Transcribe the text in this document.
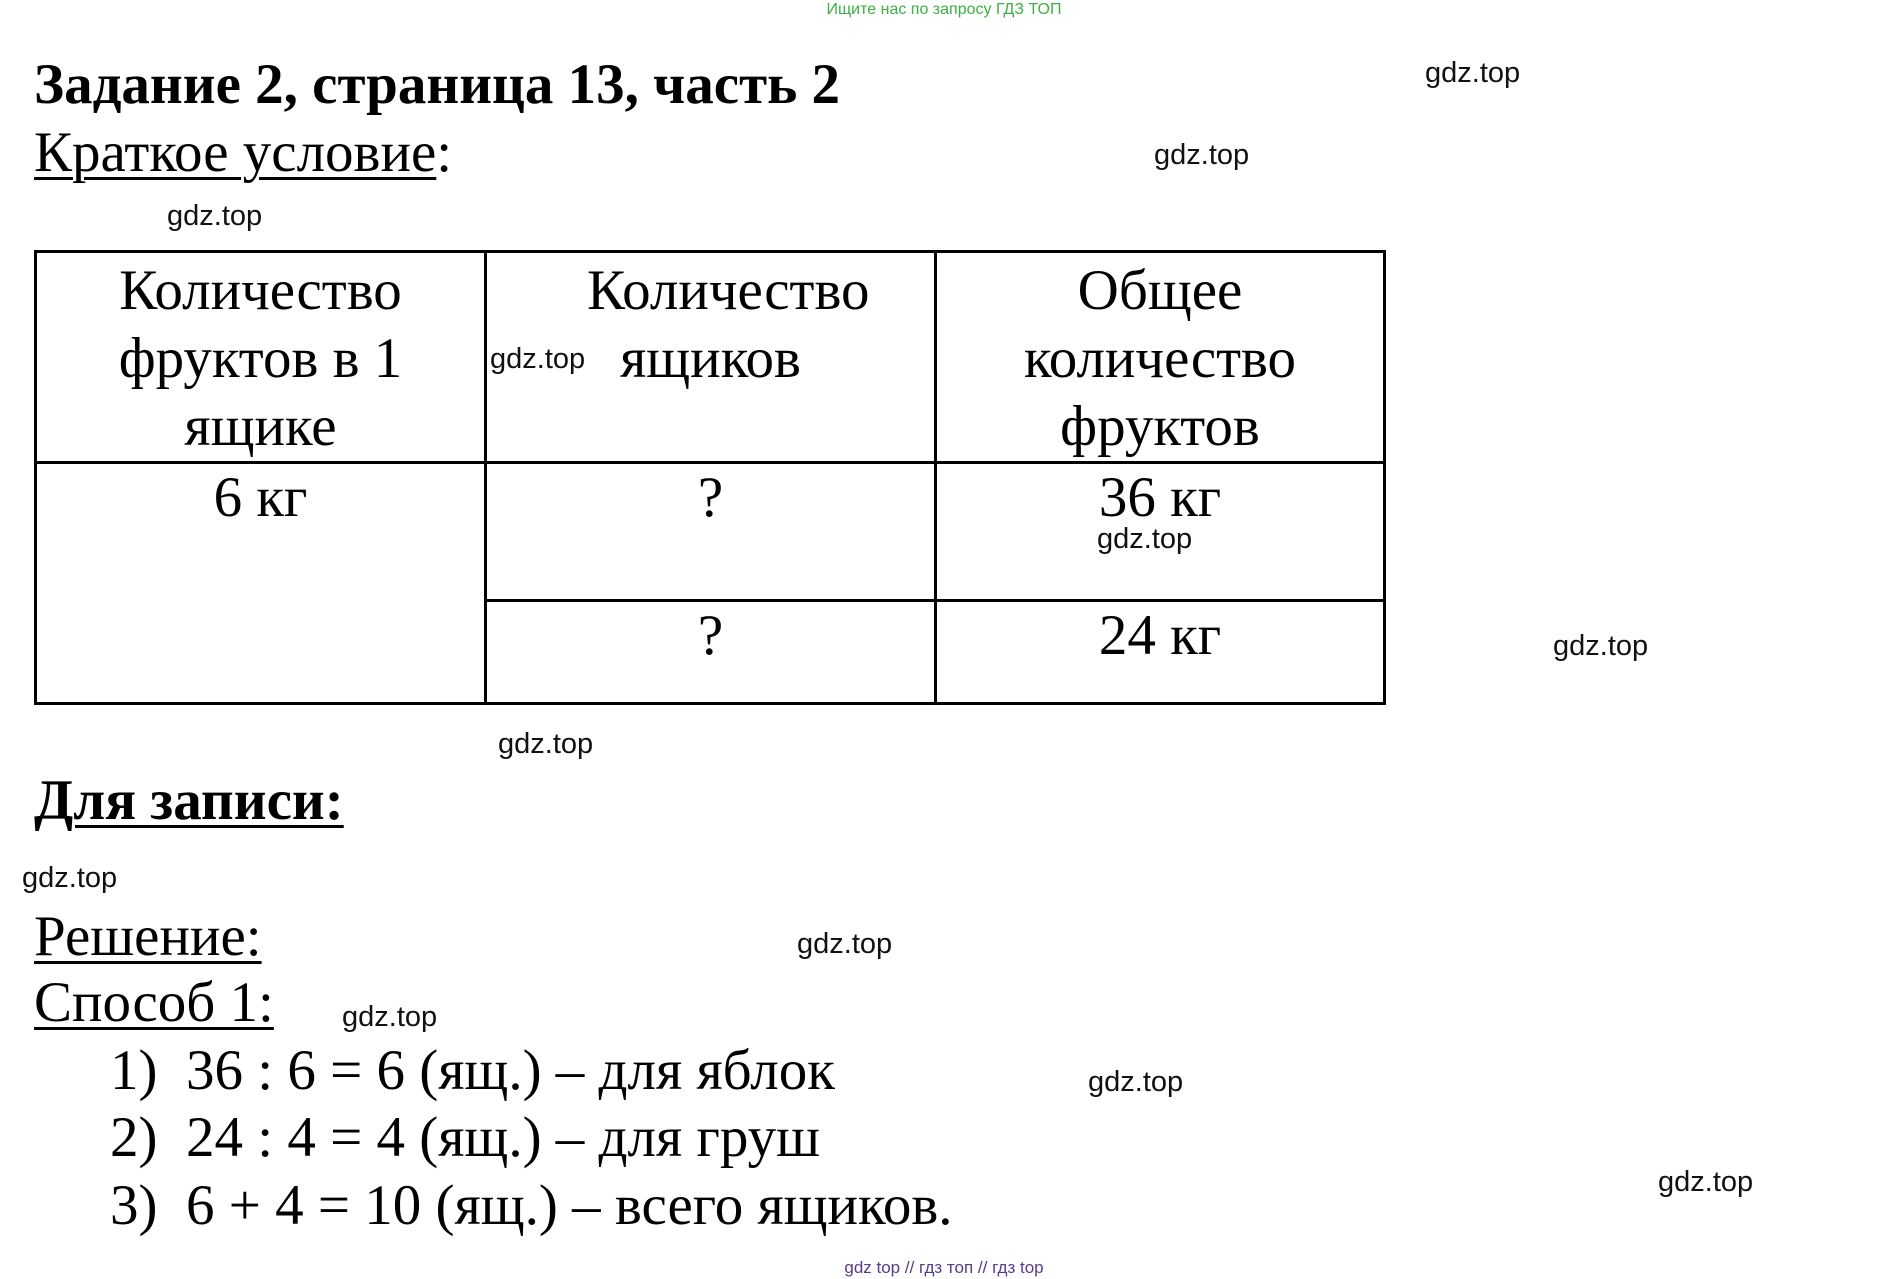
Ищите нас по запросу ГДЗ ТОП
Задание 2, страница 13, часть 2
Краткое условие:
Количество фруктов в 1 ящике	Количество ящиков	Общее количество фруктов

6 кг	?	36 кг

	?	24 кг
Для записи:
Решение:
Способ 1:
1) 36 : 6 = 6 (ящ.) – для яблок
2) 24 : 4 = 4 (ящ.) – для груш
3) 6 + 4 = 10 (ящ.) – всего ящиков.
gdz.top
gdz.top
gdz.top
gdz.top
gdz.top
gdz.top
gdz.top
gdz.top
gdz.top
gdz.top
gdz.top
gdz.top
gdz top // гдз топ // гдз top
